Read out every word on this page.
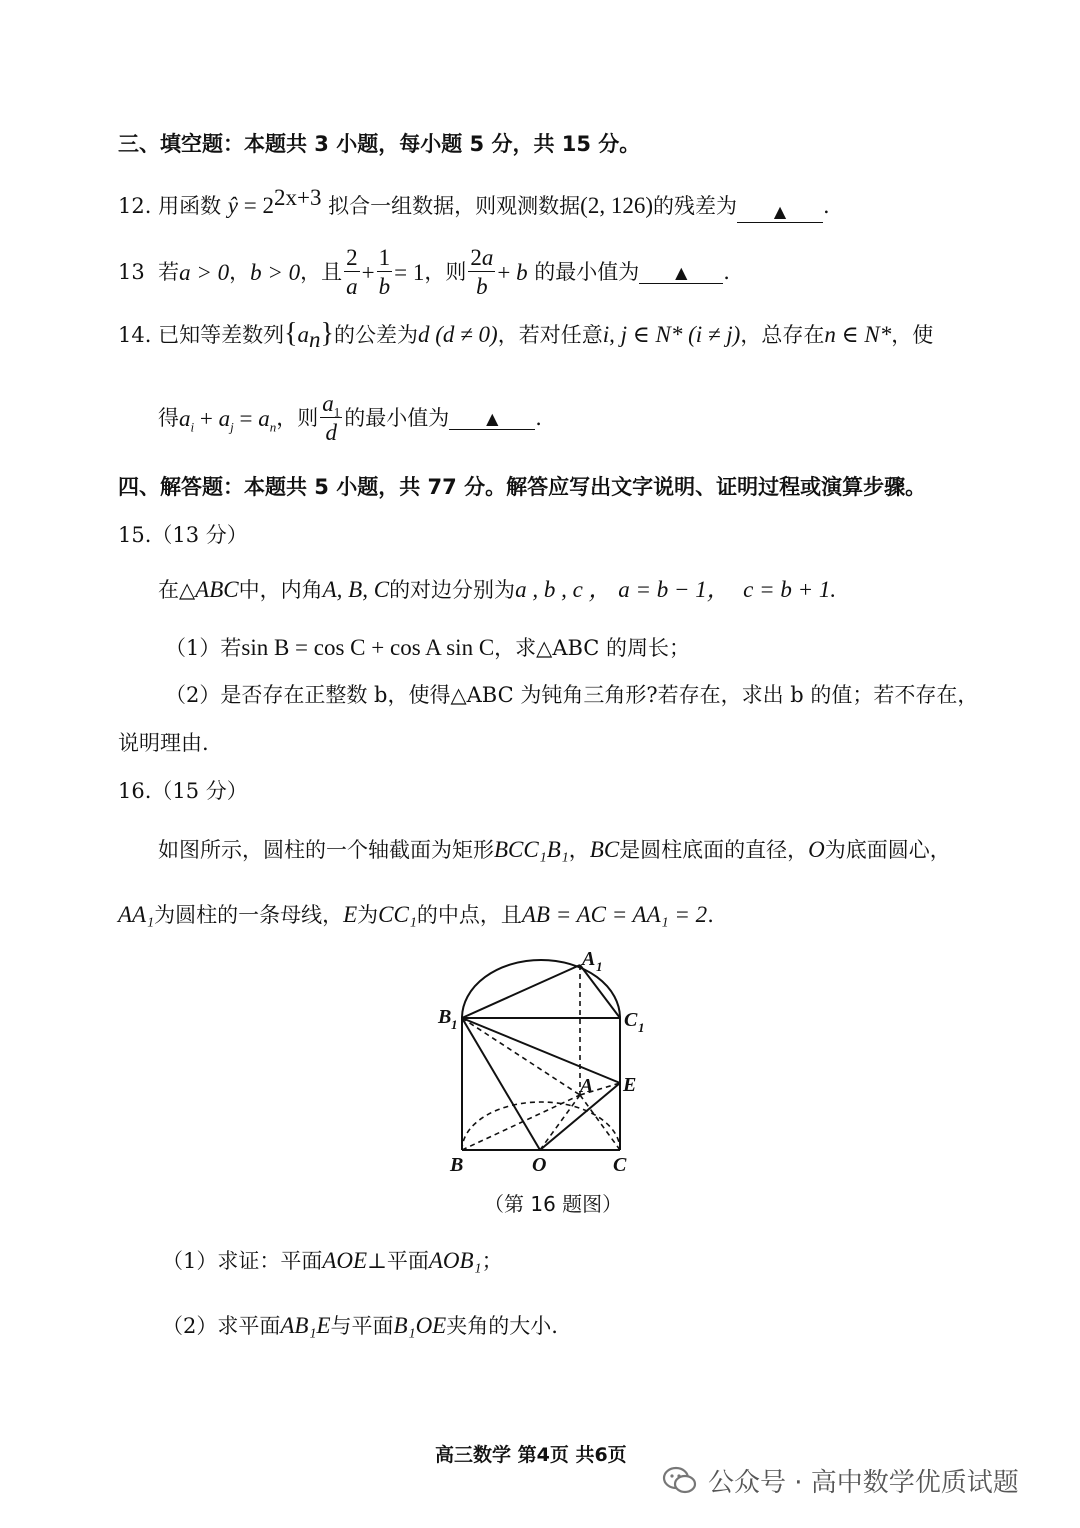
三、填空题：本题共 3 小题，每小题 5 分，共 15 分。
12. 用函数 ŷ = $2^{2x+3}$ 拟合一组数据，则观测数据(2, 126)的残差为 ▲ .
13
若 a > 0 ， b > 0 ，且 $\frac{2}{a} + \frac{1}{b} = 1$ ，则 $\frac{2a}{b} + b$
的最小值为	▲	.
14. 已知等差数列$\{a_n\}$的公差为d (d ≠ 0)，若对任意i, j ∈ N* (i ≠ j)，总存在n ∈ N*，使
得 $a_i + a_j = a_n$ ，则 $\frac{a_1}{d}$ 的最小值为	▲	.
四、解答题：本题共 5 小题，共 77 分。解答应写出文字说明、证明过程或演算步骤。
15.（13 分）
在△ABC中，内角A, B, C的对边分别为a , b , c ， a = b − 1， c = b + 1.
（1）若sin B = cos C + cos A sin C，求△ABC 的周长；
（2）是否存在正整数 b，使得△ABC 为钝角三角形?若存在，求出 b 的值；若不存在，
说明理由.
16.（15 分）
如图所示，圆柱的一个轴截面为矩形BCC₁B₁，BC是圆柱底面的直径，O为底面圆心，
AA₁为圆柱的一条母线，E为CC₁的中点，且AB = AC = AA₁ = 2.
A 1
B 1	C 1
A E
B	O	C
（第 16 题图）
（1）求证：平面AOE⊥平面AOB₁；
（2）求平面AB₁E与平面B₁OE夹角的大小.
高三数学 第4页 共6页
公众号 · 高中数学优质试题
